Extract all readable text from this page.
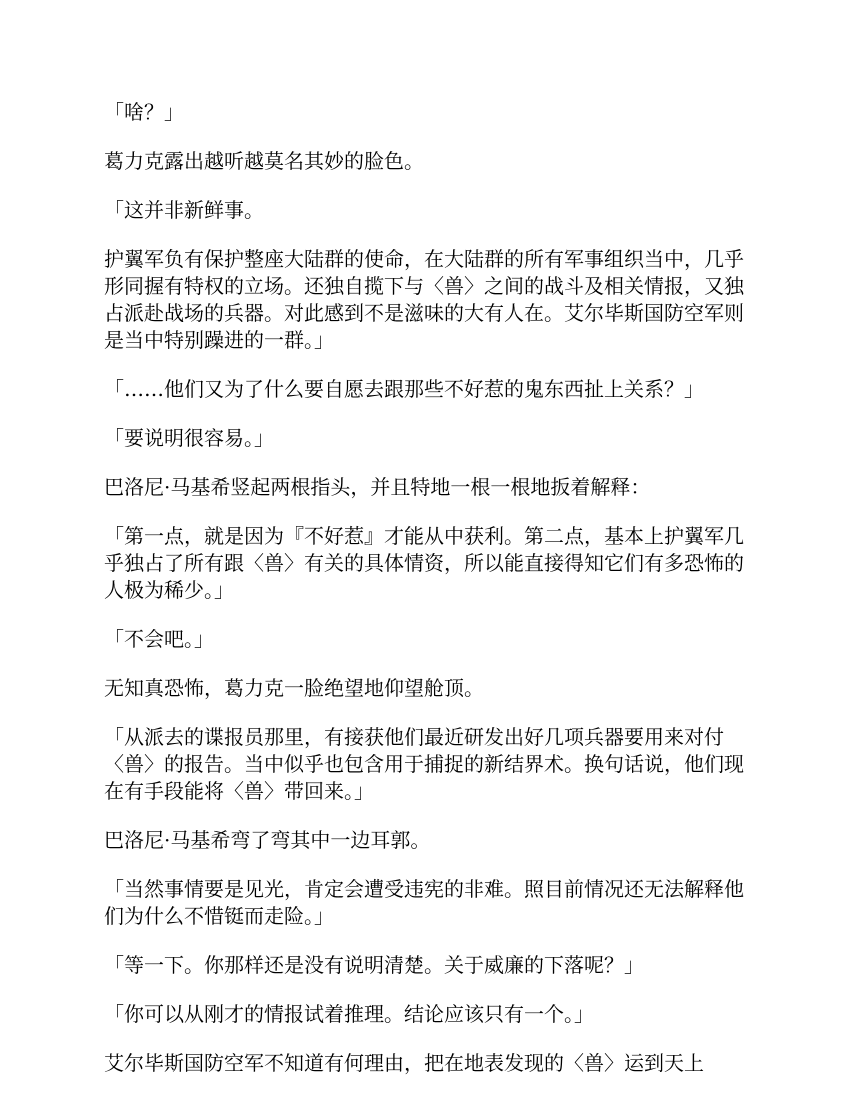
「啥？」

葛力克露出越听越莫名其妙的脸色。

「这并非新鲜事。

护翼军负有保护整座大陆群的使命，在大陆群的所有军事组织当中，几乎形同握有特权的立场。还独自揽下与〈兽〉之间的战斗及相关情报，又独占派赴战场的兵器。对此感到不是滋味的大有人在。艾尔毕斯国防空军则是当中特别躁进的一群。」

「……他们又为了什么要自愿去跟那些不好惹的鬼东西扯上关系？」

「要说明很容易。」

巴洛尼·马基希竖起两根指头，并且特地一根一根地扳着解释：

「第一点，就是因为『不好惹』才能从中获利。第二点，基本上护翼军几乎独占了所有跟〈兽〉有关的具体情资，所以能直接得知它们有多恐怖的人极为稀少。」

「不会吧。」

无知真恐怖，葛力克一脸绝望地仰望舱顶。

「从派去的谍报员那里，有接获他们最近研发出好几项兵器要用来对付〈兽〉的报告。当中似乎也包含用于捕捉的新结界术。换句话说，他们现在有手段能将〈兽〉带回来。」

巴洛尼·马基希弯了弯其中一边耳郭。

「当然事情要是见光，肯定会遭受违宪的非难。照目前情况还无法解释他们为什么不惜铤而走险。」

「等一下。你那样还是没有说明清楚。关于威廉的下落呢？」

「你可以从刚才的情报试着推理。结论应该只有一个。」

艾尔毕斯国防空军不知道有何理由，把在地表发现的〈兽〉运到天上
